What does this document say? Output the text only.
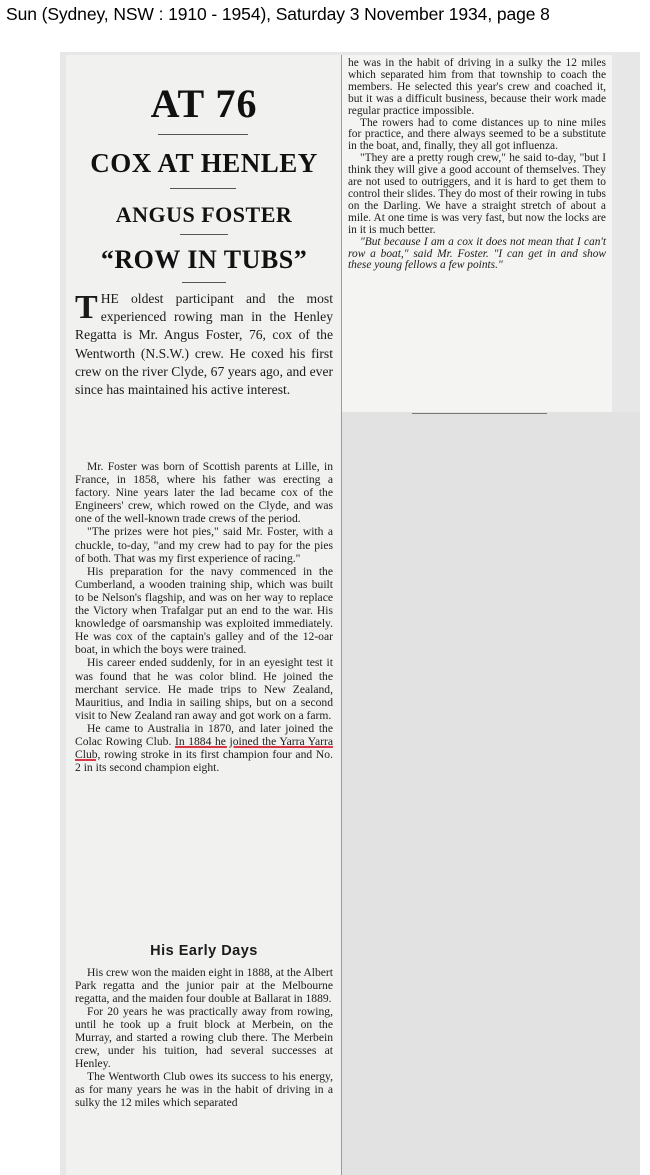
Sun (Sydney, NSW : 1910 - 1954), Saturday 3 November 1934, page 8
AT 76
COX AT HENLEY
ANGUS FOSTER
“ROW IN TUBS”
THE oldest participant and the most experienced rowing man in the Henley Regatta is Mr. Angus Foster, 76, cox of the Wentworth (N.S.W.) crew. He coxed his first crew on the river Clyde, 67 years ago, and ever since has maintained his active interest.

Mr. Foster was born of Scottish parents at Lille, in France, in 1858, where his father was erecting a factory. Nine years later the lad became cox of the Engineers' crew, which rowed on the Clyde, and was one of the well-known trade crews of the period.

"The prizes were hot pies," said Mr. Foster, with a chuckle, to-day, "and my crew had to pay for the pies of both. That was my first experience of racing."

His preparation for the navy commenced in the Cumberland, a wooden training ship, which was built to be Nelson's flagship, and was on her way to replace the Victory when Trafalgar put an end to the war. His knowledge of oarsmanship was exploited immediately. He was cox of the captain's galley and of the 12-oar boat, in which the boys were trained.

His career ended suddenly, for in an eyesight test it was found that he was color blind. He joined the merchant service. He made trips to New Zealand, Mauritius, and India in sailing ships, but on a second visit to New Zealand ran away and got work on a farm.

He came to Australia in 1870, and later joined the Colac Rowing Club. In 1884 he joined the Yarra Yarra Club, rowing stroke in its first champion four and No. 2 in its second champion eight.

His Early Days

His crew won the maiden eight in 1888, at the Albert Park regatta and the junior pair at the Melbourne regatta, and the maiden four double at Ballarat in 1889.

For 20 years he was practically away from rowing, until he took up a fruit block at Merbein, on the Murray, and started a rowing club there. The Merbein crew, under his tuition, had several successes at Henley.

The Wentworth Club owes its success to his energy, as for many years he was in the habit of driving in a sulky the 12 miles which separated

he was in the habit of driving in a sulky the 12 miles which separated him from that township to coach the members. He selected this year's crew and coached it, but it was a difficult business, because their work made regular practice impossible.

The rowers had to come distances up to nine miles for practice, and there always seemed to be a substitute in the boat, and, finally, they all got influenza.

"They are a pretty rough crew," he said to-day, "but I think they will give a good account of themselves. They are not used to outriggers, and it is hard to get them to control their slides. They do most of their rowing in tubs on the Darling. We have a straight stretch of about a mile. At one time is was very fast, but now the locks are in it is much better.

"But because I am a cox it does not mean that I can't row a boat," said Mr. Foster. "I can get in and show these young fellows a few points."
